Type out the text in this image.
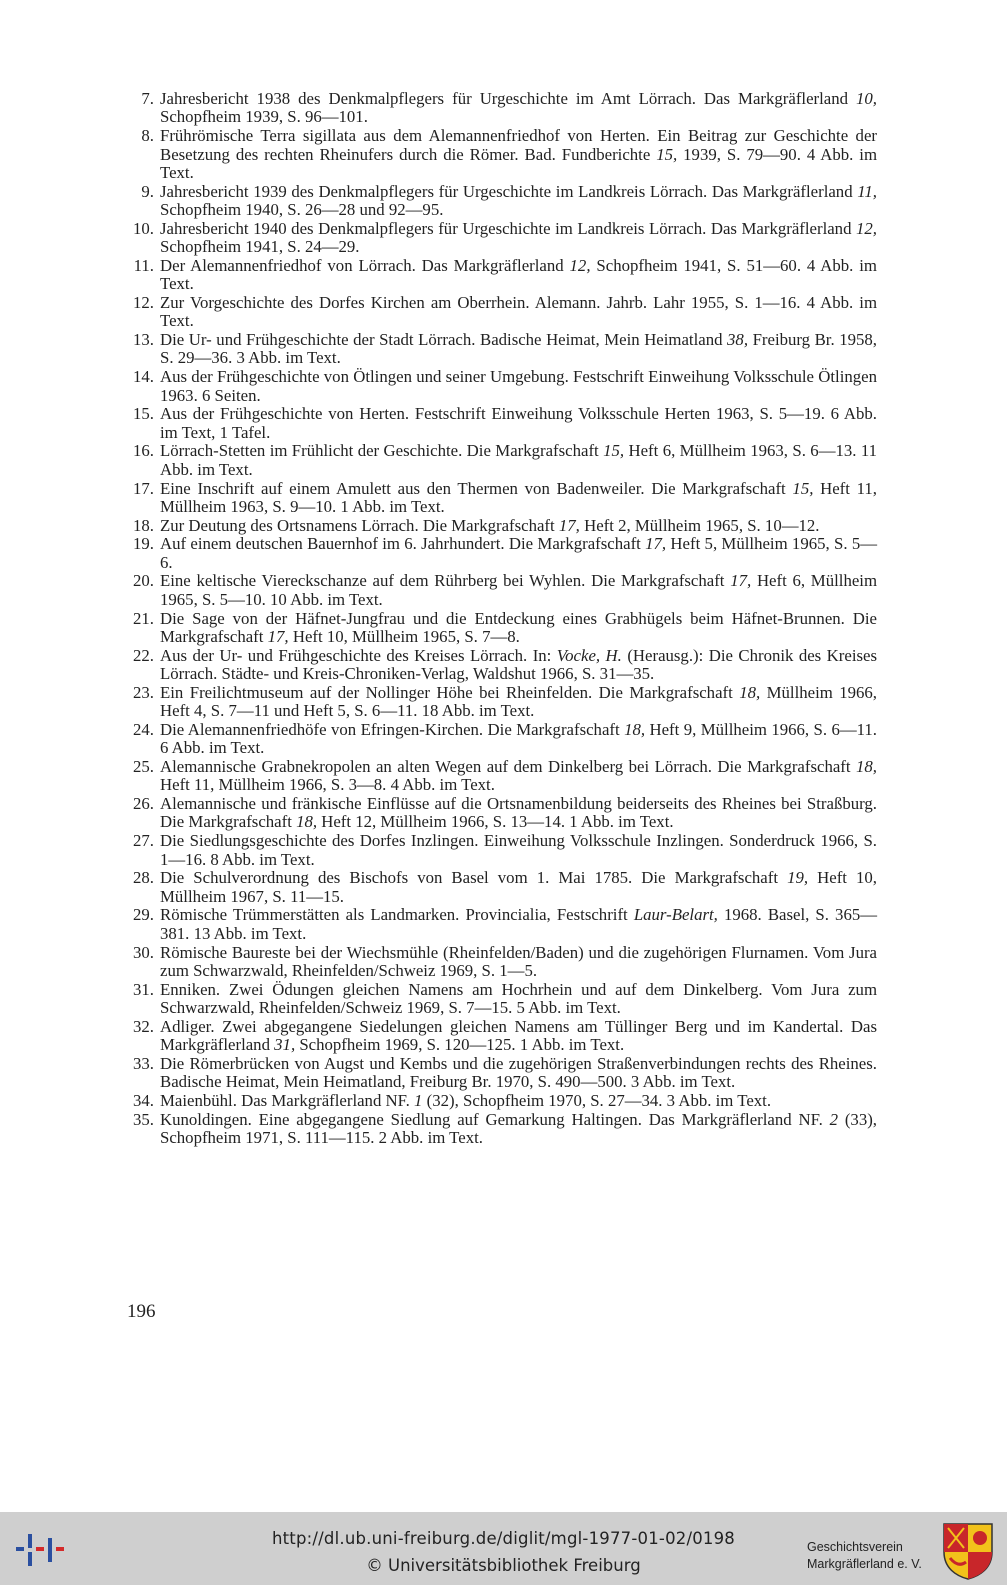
7. Jahresbericht 1938 des Denkmalpflegers für Urgeschichte im Amt Lörrach. Das Markgräflerland 10, Schopfheim 1939, S. 96—101.
8. Frührömische Terra sigillata aus dem Alemannenfriedhof von Herten. Ein Beitrag zur Geschichte der Besetzung des rechten Rheinufers durch die Römer. Bad. Fundberichte 15, 1939, S. 79—90. 4 Abb. im Text.
9. Jahresbericht 1939 des Denkmalpflegers für Urgeschichte im Landkreis Lörrach. Das Markgräflerland 11, Schopfheim 1940, S. 26—28 und 92—95.
10. Jahresbericht 1940 des Denkmalpflegers für Urgeschichte im Landkreis Lörrach. Das Markgräflerland 12, Schopfheim 1941, S. 24—29.
11. Der Alemannenfriedhof von Lörrach. Das Markgräflerland 12, Schopfheim 1941, S. 51—60. 4 Abb. im Text.
12. Zur Vorgeschichte des Dorfes Kirchen am Oberrhein. Alemann. Jahrb. Lahr 1955, S. 1—16. 4 Abb. im Text.
13. Die Ur- und Frühgeschichte der Stadt Lörrach. Badische Heimat, Mein Heimatland 38, Freiburg Br. 1958, S. 29—36. 3 Abb. im Text.
14. Aus der Frühgeschichte von Ötlingen und seiner Umgebung. Festschrift Einweihung Volksschule Ötlingen 1963. 6 Seiten.
15. Aus der Frühgeschichte von Herten. Festschrift Einweihung Volksschule Herten 1963, S. 5—19. 6 Abb. im Text, 1 Tafel.
16. Lörrach-Stetten im Frühlicht der Geschichte. Die Markgrafschaft 15, Heft 6, Müllheim 1963, S. 6—13. 11 Abb. im Text.
17. Eine Inschrift auf einem Amulett aus den Thermen von Badenweiler. Die Markgrafschaft 15, Heft 11, Müllheim 1963, S. 9—10. 1 Abb. im Text.
18. Zur Deutung des Ortsnamens Lörrach. Die Markgrafschaft 17, Heft 2, Müllheim 1965, S. 10—12.
19. Auf einem deutschen Bauernhof im 6. Jahrhundert. Die Markgrafschaft 17, Heft 5, Müllheim 1965, S. 5—6.
20. Eine keltische Viereckschanze auf dem Rührberg bei Wyhlen. Die Markgrafschaft 17, Heft 6, Müllheim 1965, S. 5—10. 10 Abb. im Text.
21. Die Sage von der Häfnet-Jungfrau und die Entdeckung eines Grabhügels beim Häfnet-Brunnen. Die Markgrafschaft 17, Heft 10, Müllheim 1965, S. 7—8.
22. Aus der Ur- und Frühgeschichte des Kreises Lörrach. In: Vocke, H. (Herausg.): Die Chronik des Kreises Lörrach. Städte- und Kreis-Chroniken-Verlag, Waldshut 1966, S. 31—35.
23. Ein Freilichtmuseum auf der Nollinger Höhe bei Rheinfelden. Die Markgrafschaft 18, Müllheim 1966, Heft 4, S. 7—11 und Heft 5, S. 6—11. 18 Abb. im Text.
24. Die Alemannenfriedhöfe von Efringen-Kirchen. Die Markgrafschaft 18, Heft 9, Müllheim 1966, S. 6—11. 6 Abb. im Text.
25. Alemannische Grabnekropolen an alten Wegen auf dem Dinkelberg bei Lörrach. Die Markgrafschaft 18, Heft 11, Müllheim 1966, S. 3—8. 4 Abb. im Text.
26. Alemannische und fränkische Einflüsse auf die Ortsnamenbildung beiderseits des Rheines bei Straßburg. Die Markgrafschaft 18, Heft 12, Müllheim 1966, S. 13—14. 1 Abb. im Text.
27. Die Siedlungsgeschichte des Dorfes Inzlingen. Einweihung Volksschule Inzlingen. Sonderdruck 1966, S. 1—16. 8 Abb. im Text.
28. Die Schulverordnung des Bischofs von Basel vom 1. Mai 1785. Die Markgrafschaft 19, Heft 10, Müllheim 1967, S. 11—15.
29. Römische Trümmerstätten als Landmarken. Provincialia, Festschrift Laur-Belart, 1968. Basel, S. 365—381. 13 Abb. im Text.
30. Römische Baureste bei der Wiechsmühle (Rheinfelden/Baden) und die zugehörigen Flurnamen. Vom Jura zum Schwarzwald, Rheinfelden/Schweiz 1969, S. 1—5.
31. Enniken. Zwei Ödungen gleichen Namens am Hochrhein und auf dem Dinkelberg. Vom Jura zum Schwarzwald, Rheinfelden/Schweiz 1969, S. 7—15. 5 Abb. im Text.
32. Adliger. Zwei abgegangene Siedelungen gleichen Namens am Tüllinger Berg und im Kandertal. Das Markgräflerland 31, Schopfheim 1969, S. 120—125. 1 Abb. im Text.
33. Die Römerbrücken von Augst und Kembs und die zugehörigen Straßenverbindungen rechts des Rheines. Badische Heimat, Mein Heimatland, Freiburg Br. 1970, S. 490—500. 3 Abb. im Text.
34. Maienbühl. Das Markgräflerland NF. 1 (32), Schopfheim 1970, S. 27—34. 3 Abb. im Text.
35. Kunoldingen. Eine abgegangene Siedlung auf Gemarkung Haltingen. Das Markgräflerland NF. 2 (33), Schopfheim 1971, S. 111—115. 2 Abb. im Text.
196
http://dl.ub.uni-freiburg.de/diglit/mgl-1977-01-02/0198
© Universitätsbibliothek Freiburg
Geschichtsverein
Markgräflerland e. V.
